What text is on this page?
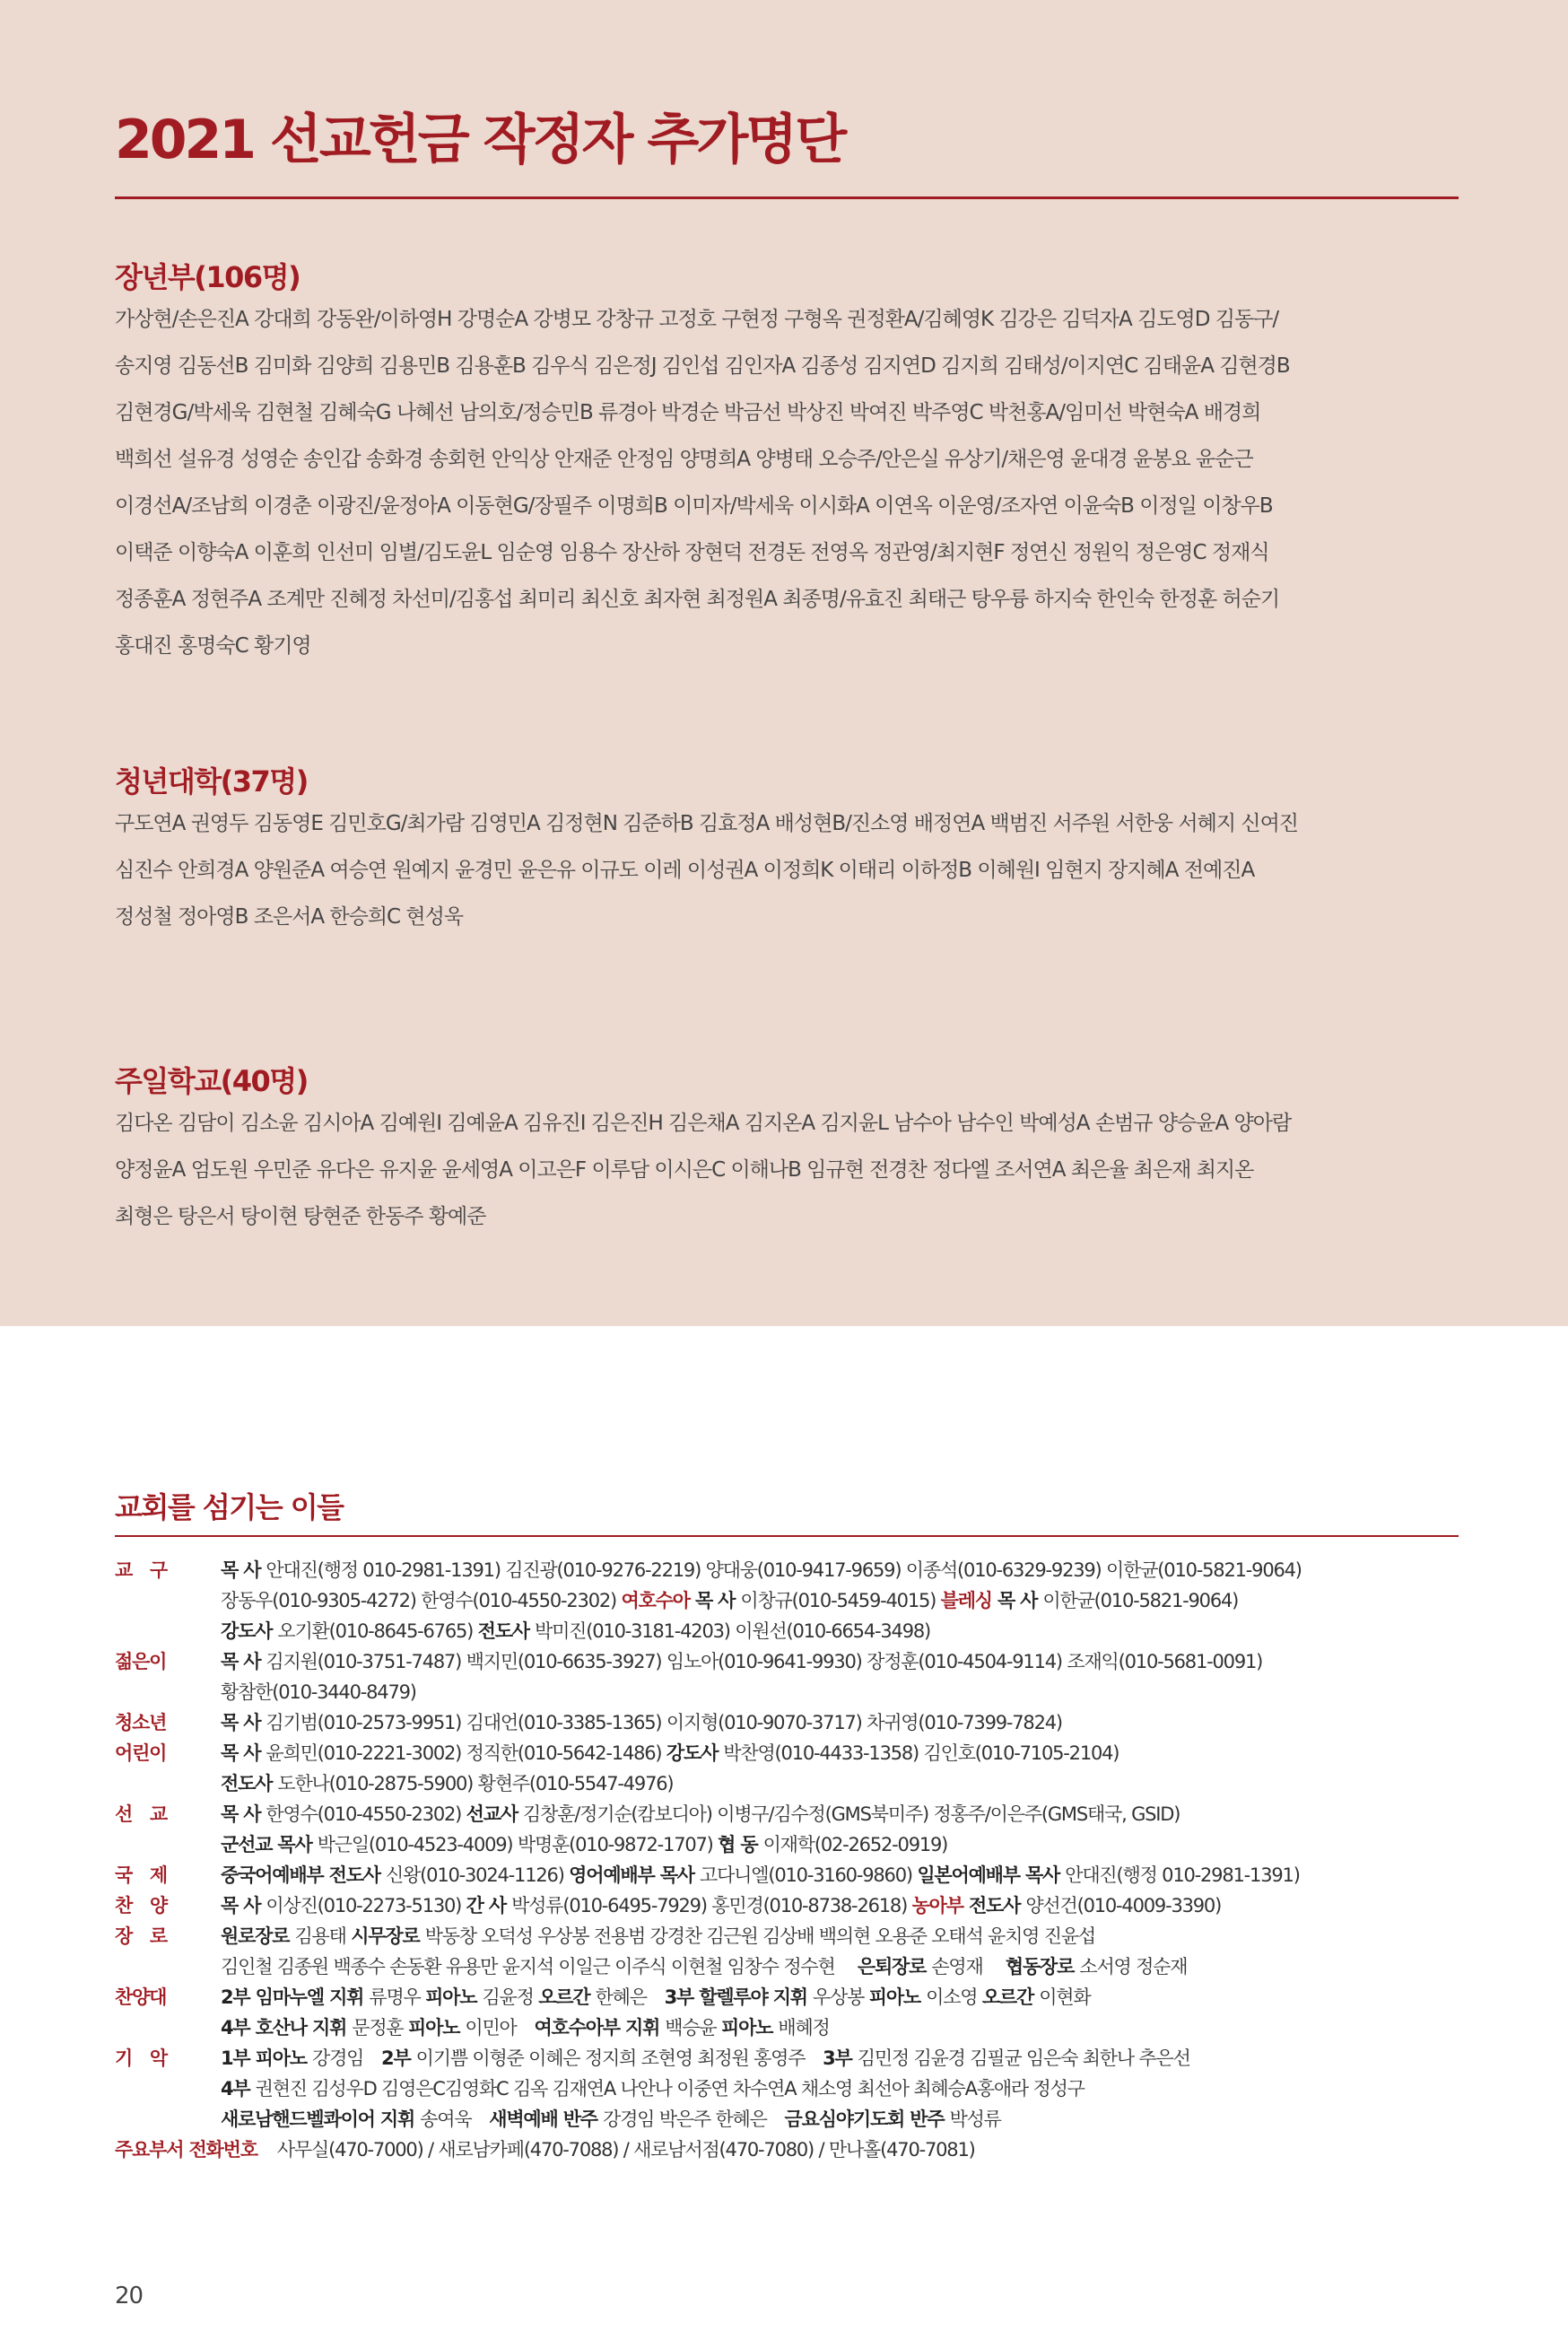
2021 선교헌금 작정자 추가명단
장년부(106명)
가상현/손은진A 강대희 강동완/이하영H 강명순A 강병모 강창규 고정호 구현정 구형옥 권정환A/김혜영K 김강은 김덕자A 김도영D 김동구/
송지영 김동선B 김미화 김양희 김용민B 김용훈B 김우식 김은정J 김인섭 김인자A 김종성 김지연D 김지희 김태성/이지연C 김태윤A 김현경B
김현경G/박세욱 김현철 김혜숙G 나혜선 남의호/정승민B 류경아 박경순 박금선 박상진 박여진 박주영C 박천홍A/임미선 박현숙A 배경희
백희선 설유경 성영순 송인갑 송화경 송회헌 안익상 안재준 안정임 양명희A 양병태 오승주/안은실 유상기/채은영 윤대경 윤봉요 윤순근
이경선A/조남희 이경춘 이광진/윤정아A 이동현G/장필주 이명희B 이미자/박세욱 이시화A 이연옥 이운영/조자연 이윤숙B 이정일 이창우B
이택준 이향숙A 이훈희 인선미 임별/김도윤L 임순영 임용수 장산하 장현덕 전경돈 전영옥 정관영/최지현F 정연신 정원익 정은영C 정재식
정종훈A 정현주A 조계만 진혜정 차선미/김홍섭 최미리 최신호 최자현 최정원A 최종명/유효진 최태근 탕우륭 하지숙 한인숙 한정훈 허순기
홍대진 홍명숙C 황기영
청년대학(37명)
구도연A 권영두 김동영E 김민호G/최가람 김영민A 김정현N 김준하B 김효정A 배성현B/진소영 배정연A 백범진 서주원 서한웅 서혜지 신여진
심진수 안희경A 양원준A 여승연 원예지 윤경민 윤은유 이규도 이레 이성권A 이정희K 이태리 이하정B 이혜원I 임현지 장지혜A 전예진A
정성철 정아영B 조은서A 한승희C 현성욱
주일학교(40명)
김다온 김담이 김소윤 김시아A 김예원I 김예윤A 김유진I 김은진H 김은채A 김지온A 김지윤L 남수아 남수인 박예성A 손범규 양승윤A 양아람
양정윤A 엄도원 우민준 유다은 유지윤 윤세영A 이고은F 이루담 이시은C 이해나B 임규현 전경찬 정다엘 조서연A 최은율 최은재 최지온
최형은 탕은서 탕이현 탕현준 한동주 황예준
교회를 섬기는 이들
교　구	목 사 안대진(행정 010-2981-1391) 김진광(010-9276-2219) 양대웅(010-9417-9659) 이종석(010-6329-9239) 이한균(010-5821-9064)
장동우(010-9305-4272) 한영수(010-4550-2302) 여호수아 목 사 이창규(010-5459-4015) 블레싱 목 사 이한균(010-5821-9064)
강도사 오기환(010-8645-6765) 전도사 박미진(010-3181-4203) 이원선(010-6654-3498)
젊은이	목 사 김지원(010-3751-7487) 백지민(010-6635-3927) 임노아(010-9641-9930) 장정훈(010-4504-9114) 조재익(010-5681-0091)
황참한(010-3440-8479)
청소년	목 사 김기범(010-2573-9951) 김대언(010-3385-1365) 이지형(010-9070-3717) 차귀영(010-7399-7824)
어린이	목 사 윤희민(010-2221-3002) 정직한(010-5642-1486) 강도사 박찬영(010-4433-1358) 김인호(010-7105-2104)
전도사 도한나(010-2875-5900) 황현주(010-5547-4976)
선　교	목 사 한영수(010-4550-2302) 선교사 김창훈/정기순(캄보디아) 이병구/김수정(GMS북미주) 정홍주/이은주(GMS태국, GSID)
군선교 목사 박근일(010-4523-4009) 박명훈(010-9872-1707) 협 동 이재학(02-2652-0919)
국　제	중국어예배부 전도사 신왕(010-3024-1126) 영어예배부 목사 고다니엘(010-3160-9860) 일본어예배부 목사 안대진(행정 010-2981-1391)
찬　양	목 사 이상진(010-2273-5130) 간 사 박성류(010-6495-7929) 홍민경(010-8738-2618) 농아부 전도사 양선건(010-4009-3390)
장　로	원로장로 김용태 시무장로 박동창 오덕성 우상봉 전용범 강경찬 김근원 김상배 백의현 오용준 오태석 윤치영 진윤섭
김인철 김종원 백종수 손동환 유용만 윤지석 이일근 이주식 이현철 임창수 정수현　 은퇴장로 손영재　 협동장로 소서영 정순재
찬양대	2부 임마누엘 지휘 류명우 피아노 김윤정 오르간 한혜은　3부 할렐루야 지휘 우상봉 피아노 이소영 오르간 이현화
4부 호산나 지휘 문정훈 피아노 이민아　여호수아부 지휘 백승윤 피아노 배혜정
기　악	1부 피아노 강경임　2부 이기쁨 이형준 이혜은 정지희 조현영 최정원 홍영주　3부 김민정 김윤경 김필균 임은숙 최한나 추은선
4부 권현진 김성우D 김영은C김영화C 김옥 김재연A 나안나 이중연 차수연A 채소영 최선아 최혜승A홍애라 정성구
새로남핸드벨콰이어 지휘 송여욱　새벽예배 반주 강경임 박은주 한혜은　금요심야기도회 반주 박성류
주요부서 전화번호 사무실(470-7000) / 새로남카페(470-7088) / 새로남서점(470-7080) / 만나홀(470-7081)
20
